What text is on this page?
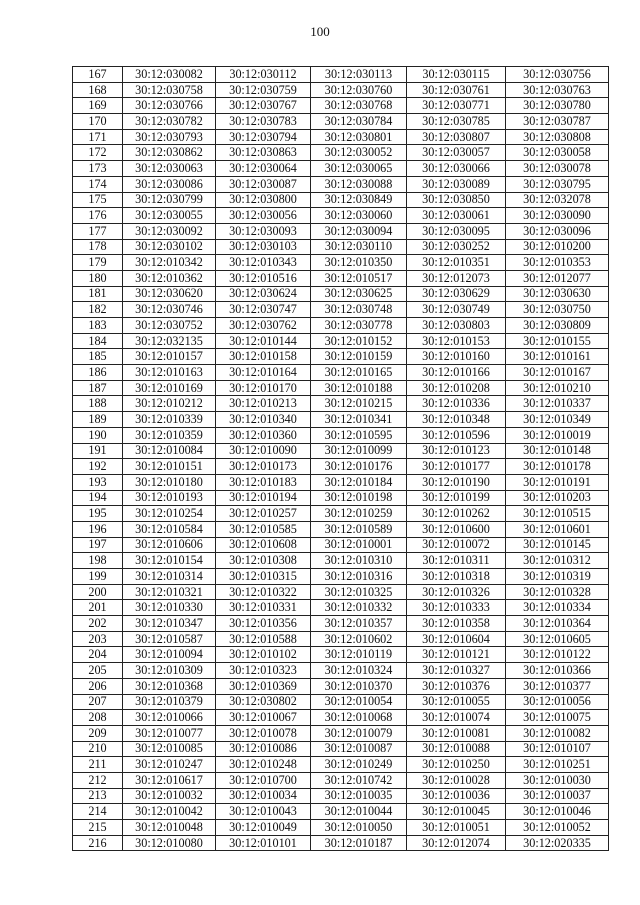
100
167	30:12:030082	30:12:030112	30:12:030113	30:12:030115	30:12:030756
168	30:12:030758	30:12:030759	30:12:030760	30:12:030761	30:12:030763
169	30:12:030766	30:12:030767	30:12:030768	30:12:030771	30:12:030780
170	30:12:030782	30:12:030783	30:12:030784	30:12:030785	30:12:030787
171	30:12:030793	30:12:030794	30:12:030801	30:12:030807	30:12:030808
172	30:12:030862	30:12:030863	30:12:030052	30:12:030057	30:12:030058
173	30:12:030063	30:12:030064	30:12:030065	30:12:030066	30:12:030078
174	30:12:030086	30:12:030087	30:12:030088	30:12:030089	30:12:030795
175	30:12:030799	30:12:030800	30:12:030849	30:12:030850	30:12:032078
176	30:12:030055	30:12:030056	30:12:030060	30:12:030061	30:12:030090
177	30:12:030092	30:12:030093	30:12:030094	30:12:030095	30:12:030096
178	30:12:030102	30:12:030103	30:12:030110	30:12:030252	30:12:010200
179	30:12:010342	30:12:010343	30:12:010350	30:12:010351	30:12:010353
180	30:12:010362	30:12:010516	30:12:010517	30:12:012073	30:12:012077
181	30:12:030620	30:12:030624	30:12:030625	30:12:030629	30:12:030630
182	30:12:030746	30:12:030747	30:12:030748	30:12:030749	30:12:030750
183	30:12:030752	30:12:030762	30:12:030778	30:12:030803	30:12:030809
184	30:12:032135	30:12:010144	30:12:010152	30:12:010153	30:12:010155
185	30:12:010157	30:12:010158	30:12:010159	30:12:010160	30:12:010161
186	30:12:010163	30:12:010164	30:12:010165	30:12:010166	30:12:010167
187	30:12:010169	30:12:010170	30:12:010188	30:12:010208	30:12:010210
188	30:12:010212	30:12:010213	30:12:010215	30:12:010336	30:12:010337
189	30:12:010339	30:12:010340	30:12:010341	30:12:010348	30:12:010349
190	30:12:010359	30:12:010360	30:12:010595	30:12:010596	30:12:010019
191	30:12:010084	30:12:010090	30:12:010099	30:12:010123	30:12:010148
192	30:12:010151	30:12:010173	30:12:010176	30:12:010177	30:12:010178
193	30:12:010180	30:12:010183	30:12:010184	30:12:010190	30:12:010191
194	30:12:010193	30:12:010194	30:12:010198	30:12:010199	30:12:010203
195	30:12:010254	30:12:010257	30:12:010259	30:12:010262	30:12:010515
196	30:12:010584	30:12:010585	30:12:010589	30:12:010600	30:12:010601
197	30:12:010606	30:12:010608	30:12:010001	30:12:010072	30:12:010145
198	30:12:010154	30:12:010308	30:12:010310	30:12:010311	30:12:010312
199	30:12:010314	30:12:010315	30:12:010316	30:12:010318	30:12:010319
200	30:12:010321	30:12:010322	30:12:010325	30:12:010326	30:12:010328
201	30:12:010330	30:12:010331	30:12:010332	30:12:010333	30:12:010334
202	30:12:010347	30:12:010356	30:12:010357	30:12:010358	30:12:010364
203	30:12:010587	30:12:010588	30:12:010602	30:12:010604	30:12:010605
204	30:12:010094	30:12:010102	30:12:010119	30:12:010121	30:12:010122
205	30:12:010309	30:12:010323	30:12:010324	30:12:010327	30:12:010366
206	30:12:010368	30:12:010369	30:12:010370	30:12:010376	30:12:010377
207	30:12:010379	30:12:030802	30:12:010054	30:12:010055	30:12:010056
208	30:12:010066	30:12:010067	30:12:010068	30:12:010074	30:12:010075
209	30:12:010077	30:12:010078	30:12:010079	30:12:010081	30:12:010082
210	30:12:010085	30:12:010086	30:12:010087	30:12:010088	30:12:010107
211	30:12:010247	30:12:010248	30:12:010249	30:12:010250	30:12:010251
212	30:12:010617	30:12:010700	30:12:010742	30:12:010028	30:12:010030
213	30:12:010032	30:12:010034	30:12:010035	30:12:010036	30:12:010037
214	30:12:010042	30:12:010043	30:12:010044	30:12:010045	30:12:010046
215	30:12:010048	30:12:010049	30:12:010050	30:12:010051	30:12:010052
216	30:12:010080	30:12:010101	30:12:010187	30:12:012074	30:12:020335
